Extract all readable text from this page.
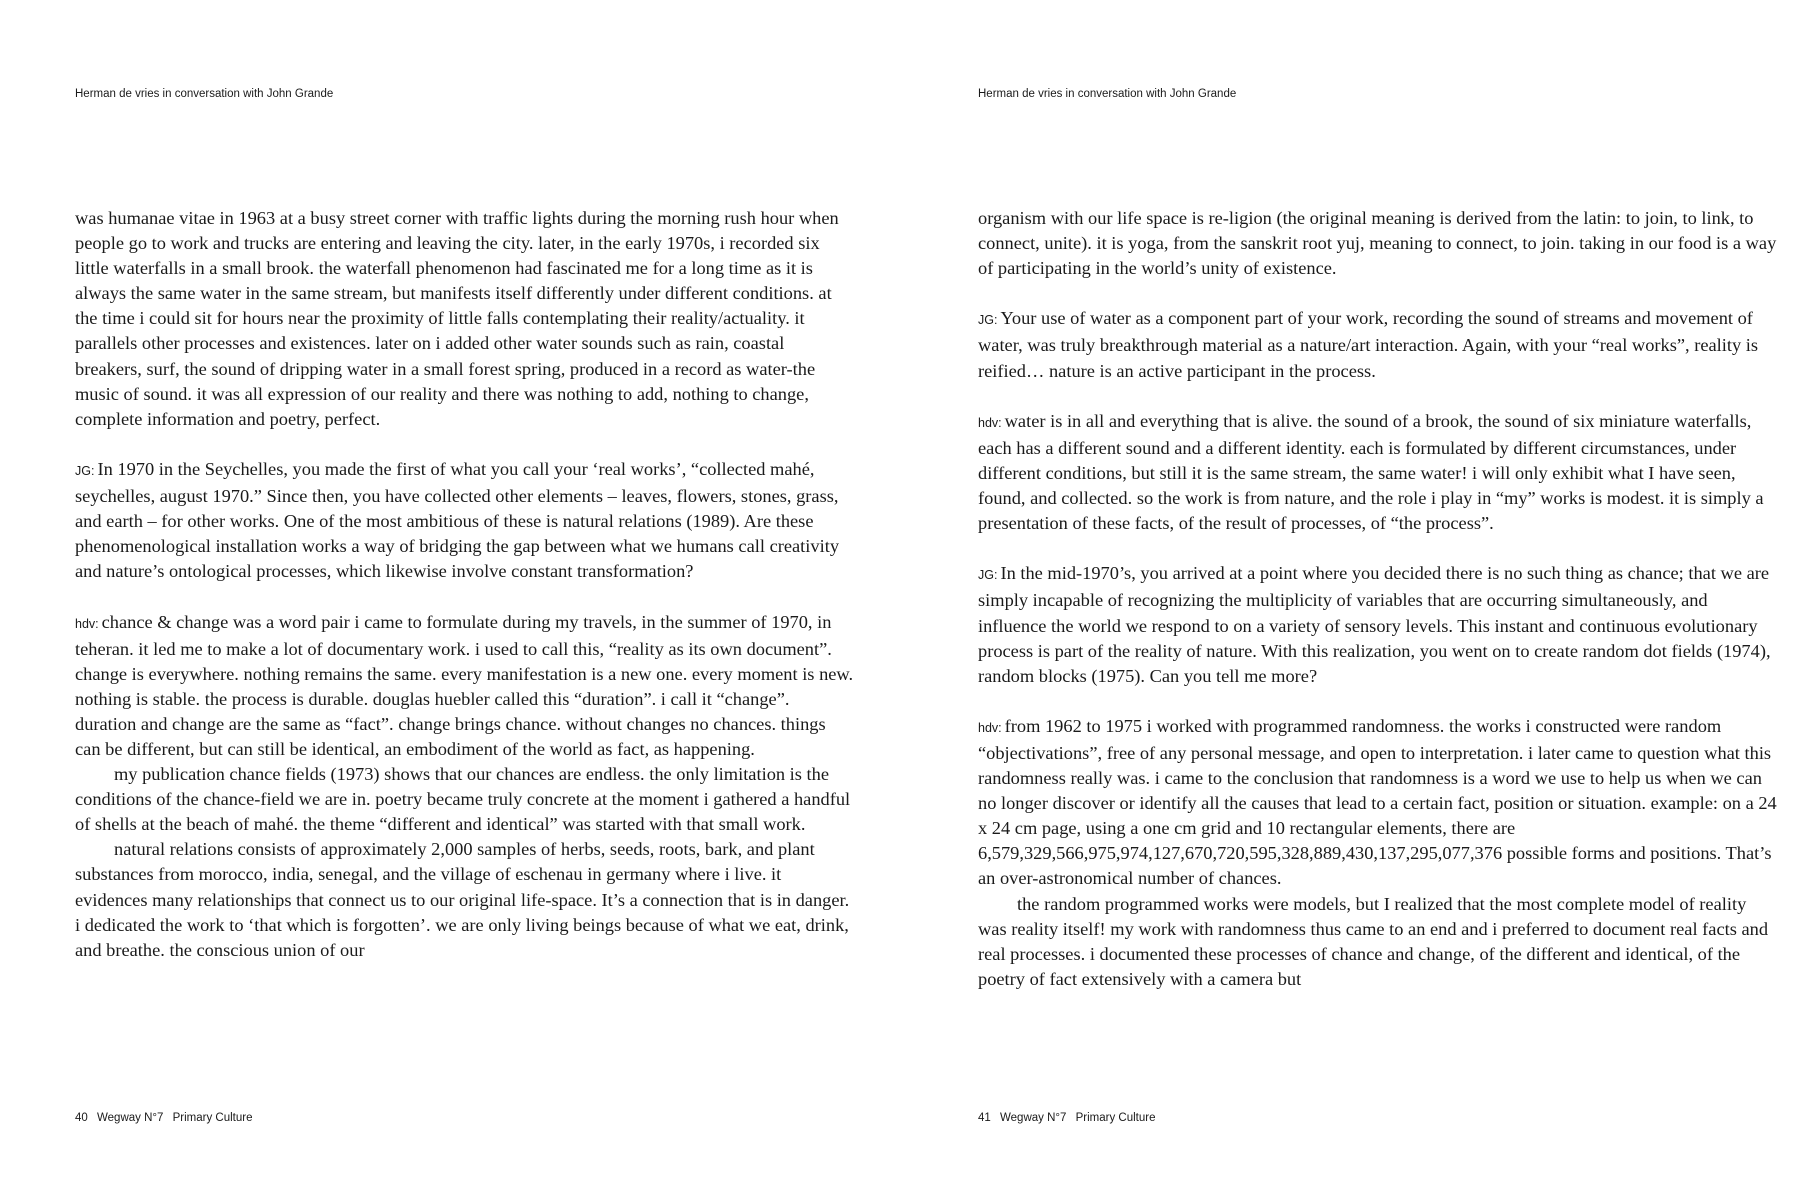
Herman de vries in conversation with John Grande

was humanae vitae in 1963 at a busy street corner with traffic lights during the morning rush hour when people go to work and trucks are entering and leaving the city. later, in the early 1970s, i recorded six little waterfalls in a small brook. the waterfall phenomenon had fascinated me for a long time as it is always the same water in the same stream, but manifests itself differently under different conditions. at the time i could sit for hours near the proximity of little falls contemplating their reality/actuality. it parallels other processes and existences. later on i added other water sounds such as rain, coastal breakers, surf, the sound of dripping water in a small forest spring, produced in a record as water-the music of sound. it was all expression of our reality and there was nothing to add, nothing to change, complete information and poetry, perfect.

JG: In 1970 in the Seychelles, you made the first of what you call your ‘real works’, “collected mahé, seychelles, august 1970.” Since then, you have collected other elements – leaves, flowers, stones, grass, and earth – for other works. One of the most ambitious of these is natural relations (1989). Are these phenomenological installation works a way of bridging the gap between what we humans call creativity and nature’s ontological processes, which likewise involve constant transformation?

hdv: chance & change was a word pair i came to formulate during my travels, in the summer of 1970, in teheran. it led me to make a lot of documentary work. i used to call this, “reality as its own document”. change is everywhere. nothing remains the same. every manifestation is a new one. every moment is new. nothing is stable. the process is durable. douglas huebler called this “duration”. i call it “change”. duration and change are the same as “fact”. change brings chance. without changes no chances. things can be different, but can still be identical, an embodiment of the world as fact, as happening.

my publication chance fields (1973) shows that our chances are endless. the only limitation is the conditions of the chance-field we are in. poetry became truly concrete at the moment i gathered a handful of shells at the beach of mahé. the theme “different and identical” was started with that small work.

natural relations consists of approximately 2,000 samples of herbs, seeds, roots, bark, and plant substances from morocco, india, senegal, and the village of eschenau in germany where i live. it evidences many relationships that connect us to our original life-space. It’s a connection that is in danger. i dedicated the work to ‘that which is forgotten’. we are only living beings because of what we eat, drink, and breathe. the conscious union of our

40 Wegway N°7 Primary Culture
Herman de vries in conversation with John Grande

organism with our life space is re-ligion (the original meaning is derived from the latin: to join, to link, to connect, unite). it is yoga, from the sanskrit root yuj, meaning to connect, to join. taking in our food is a way of participating in the world’s unity of existence.

JG: Your use of water as a component part of your work, recording the sound of streams and movement of water, was truly breakthrough material as a nature/art interaction. Again, with your “real works”, reality is reified… nature is an active participant in the process.

hdv: water is in all and everything that is alive. the sound of a brook, the sound of six miniature waterfalls, each has a different sound and a different identity. each is formulated by different circumstances, under different conditions, but still it is the same stream, the same water! i will only exhibit what I have seen, found, and collected. so the work is from nature, and the role i play in “my” works is modest. it is simply a presentation of these facts, of the result of processes, of “the process”.

JG: In the mid-1970’s, you arrived at a point where you decided there is no such thing as chance; that we are simply incapable of recognizing the multiplicity of variables that are occurring simultaneously, and influence the world we respond to on a variety of sensory levels. This instant and continuous evolutionary process is part of the reality of nature. With this realization, you went on to create random dot fields (1974), random blocks (1975). Can you tell me more?

hdv: from 1962 to 1975 i worked with programmed randomness. the works i constructed were random “objectivations”, free of any personal message, and open to interpretation. i later came to question what this randomness really was. i came to the conclusion that randomness is a word we use to help us when we can no longer discover or identify all the causes that lead to a certain fact, position or situation. example: on a 24 x 24 cm page, using a one cm grid and 10 rectangular elements, there are 6,579,329,566,975,974,127,670,720,595,328,889,430,137,295,077,376 possible forms and positions. That’s an over-astronomical number of chances.

the random programmed works were models, but I realized that the most complete model of reality was reality itself! my work with randomness thus came to an end and i preferred to document real facts and real processes. i documented these processes of chance and change, of the different and identical, of the poetry of fact extensively with a camera but

41 Wegway N°7 Primary Culture
